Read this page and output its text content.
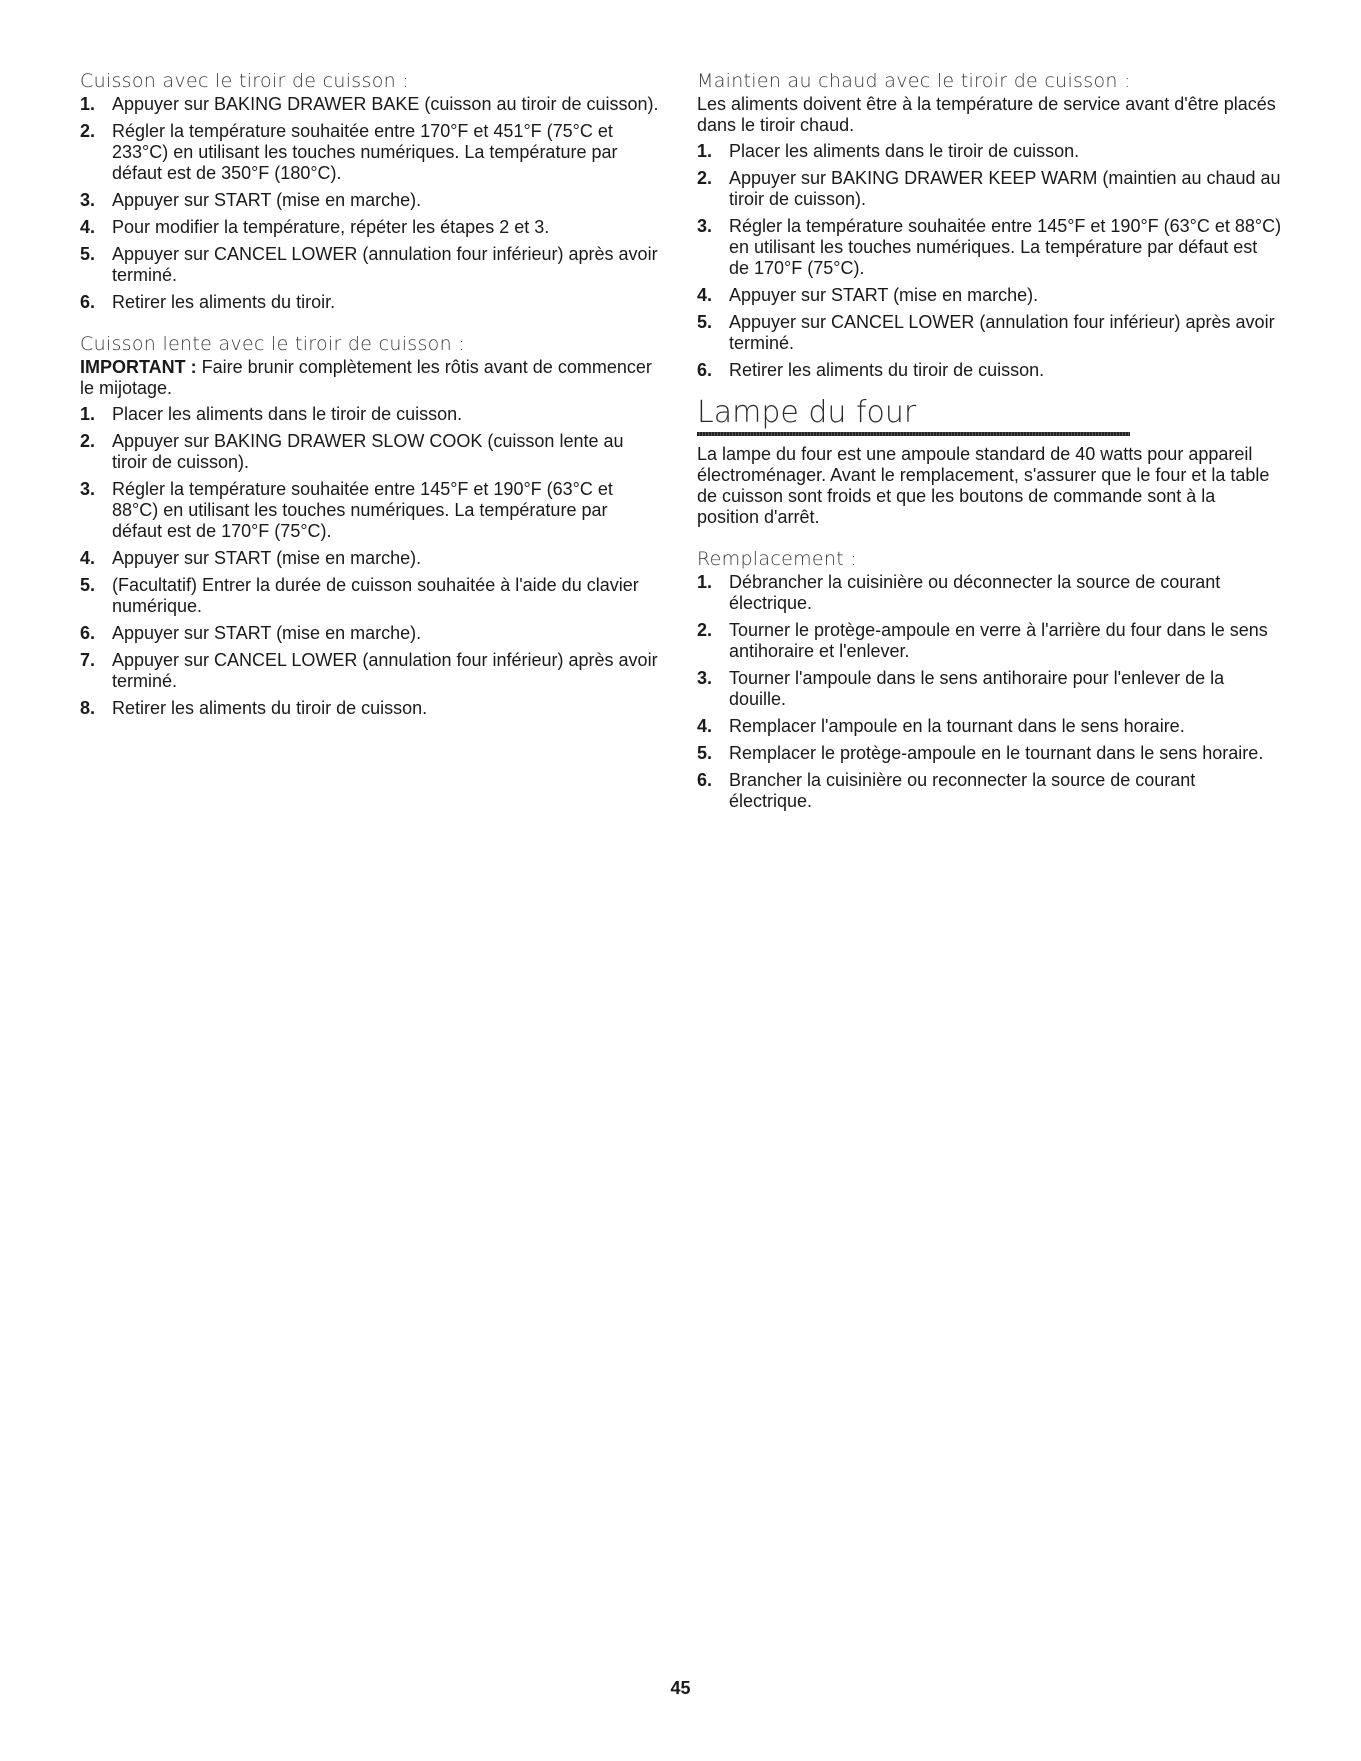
Cuisson avec le tiroir de cuisson :
1. Appuyer sur BAKING DRAWER BAKE (cuisson au tiroir de cuisson).
2. Régler la température souhaitée entre 170°F et 451°F (75°C et 233°C) en utilisant les touches numériques. La température par défaut est de 350°F (180°C).
3. Appuyer sur START (mise en marche).
4. Pour modifier la température, répéter les étapes 2 et 3.
5. Appuyer sur CANCEL LOWER (annulation four inférieur) après avoir terminé.
6. Retirer les aliments du tiroir.
Cuisson lente avec le tiroir de cuisson :

IMPORTANT : Faire brunir complètement les rôtis avant de commencer le mijotage.

1. Placer les aliments dans le tiroir de cuisson.
2. Appuyer sur BAKING DRAWER SLOW COOK (cuisson lente au tiroir de cuisson).
3. Régler la température souhaitée entre 145°F et 190°F (63°C et 88°C) en utilisant les touches numériques. La température par défaut est de 170°F (75°C).
4. Appuyer sur START (mise en marche).
5. (Facultatif) Entrer la durée de cuisson souhaitée à l'aide du clavier numérique.
6. Appuyer sur START (mise en marche).
7. Appuyer sur CANCEL LOWER (annulation four inférieur) après avoir terminé.
8. Retirer les aliments du tiroir de cuisson.
Maintien au chaud avec le tiroir de cuisson :

Les aliments doivent être à la température de service avant d'être placés dans le tiroir chaud.

1. Placer les aliments dans le tiroir de cuisson.
2. Appuyer sur BAKING DRAWER KEEP WARM (maintien au chaud au tiroir de cuisson).
3. Régler la température souhaitée entre 145°F et 190°F (63°C et 88°C) en utilisant les touches numériques. La température par défaut est de 170°F (75°C).
4. Appuyer sur START (mise en marche).
5. Appuyer sur CANCEL LOWER (annulation four inférieur) après avoir terminé.
6. Retirer les aliments du tiroir de cuisson.
Lampe du four

La lampe du four est une ampoule standard de 40 watts pour appareil électroménager. Avant le remplacement, s'assurer que le four et la table de cuisson sont froids et que les boutons de commande sont à la position d'arrêt.

Remplacement :
1. Débrancher la cuisinière ou déconnecter la source de courant électrique.
2. Tourner le protège-ampoule en verre à l'arrière du four dans le sens antihoraire et l'enlever.
3. Tourner l'ampoule dans le sens antihoraire pour l'enlever de la douille.
4. Remplacer l'ampoule en la tournant dans le sens horaire.
5. Remplacer le protège-ampoule en le tournant dans le sens horaire.
6. Brancher la cuisinière ou reconnecter la source de courant électrique.
45
